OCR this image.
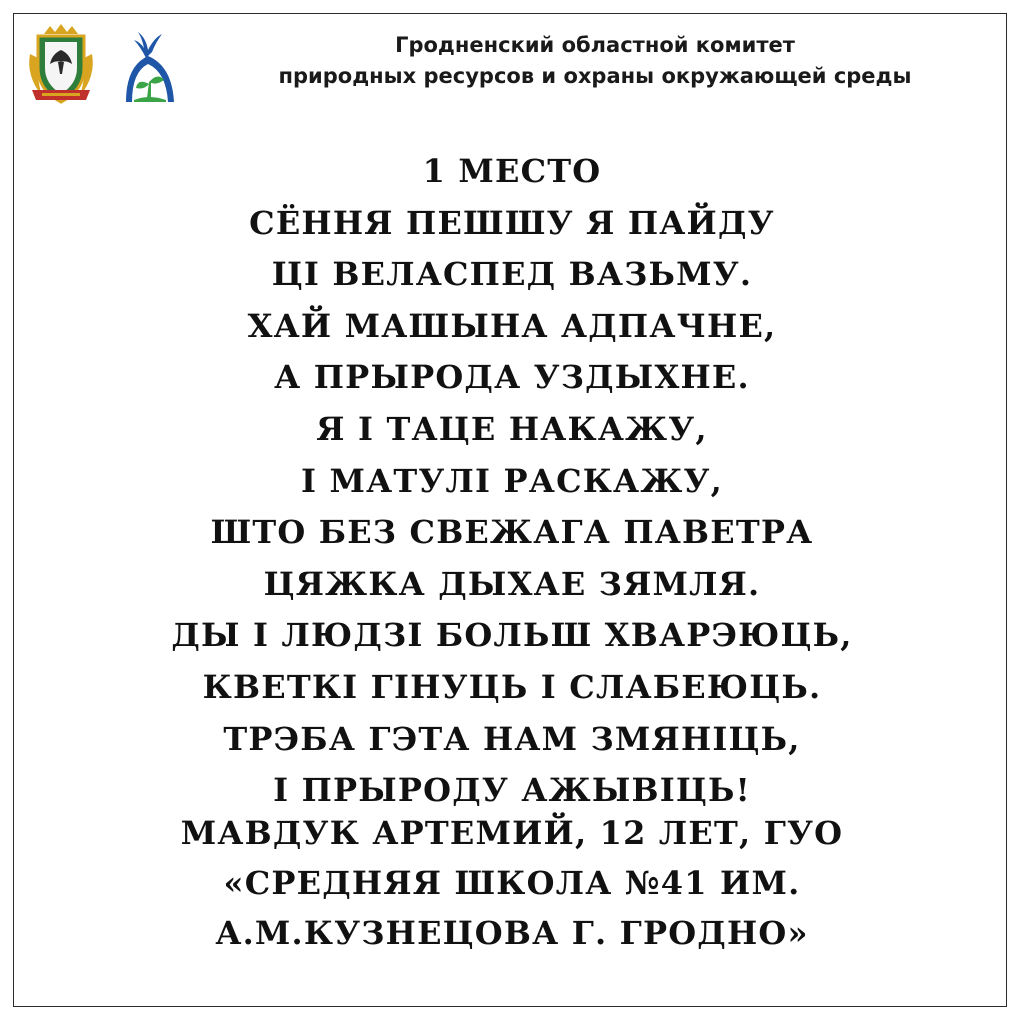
Гродненский областной комитет
природных ресурсов и охраны окружающей среды
1 МЕСТО
СЁННЯ ПЕШШУ Я ПАЙДУ
ЦІ ВЕЛАСПЕД ВАЗЬМУ.
ХАЙ МАШЫНА АДПАЧНЕ,
А ПРЫРОДА УЗДЫХНЕ.
Я І ТАЦЕ НАКАЖУ,
І МАТУЛІ РАСКАЖУ,
ШТО БЕЗ СВЕЖАГА ПАВЕТРА
ЦЯЖКА ДЫХАЕ ЗЯМЛЯ.
ДЫ І ЛЮДЗІ БОЛЬШ ХВАРЭЮЦЬ,
КВЕТКІ ГІНУЦЬ І СЛАБЕЮЦЬ.
ТРЭБА ГЭТА НАМ ЗМЯНІЦЬ,
І ПРЫРОДУ АЖЫВІЦЬ!
МАВДУК АРТЕМИЙ, 12 ЛЕТ, ГУО
«СРЕДНЯЯ ШКОЛА №41 ИМ.
А.М.КУЗНЕЦОВА Г. ГРОДНО»
